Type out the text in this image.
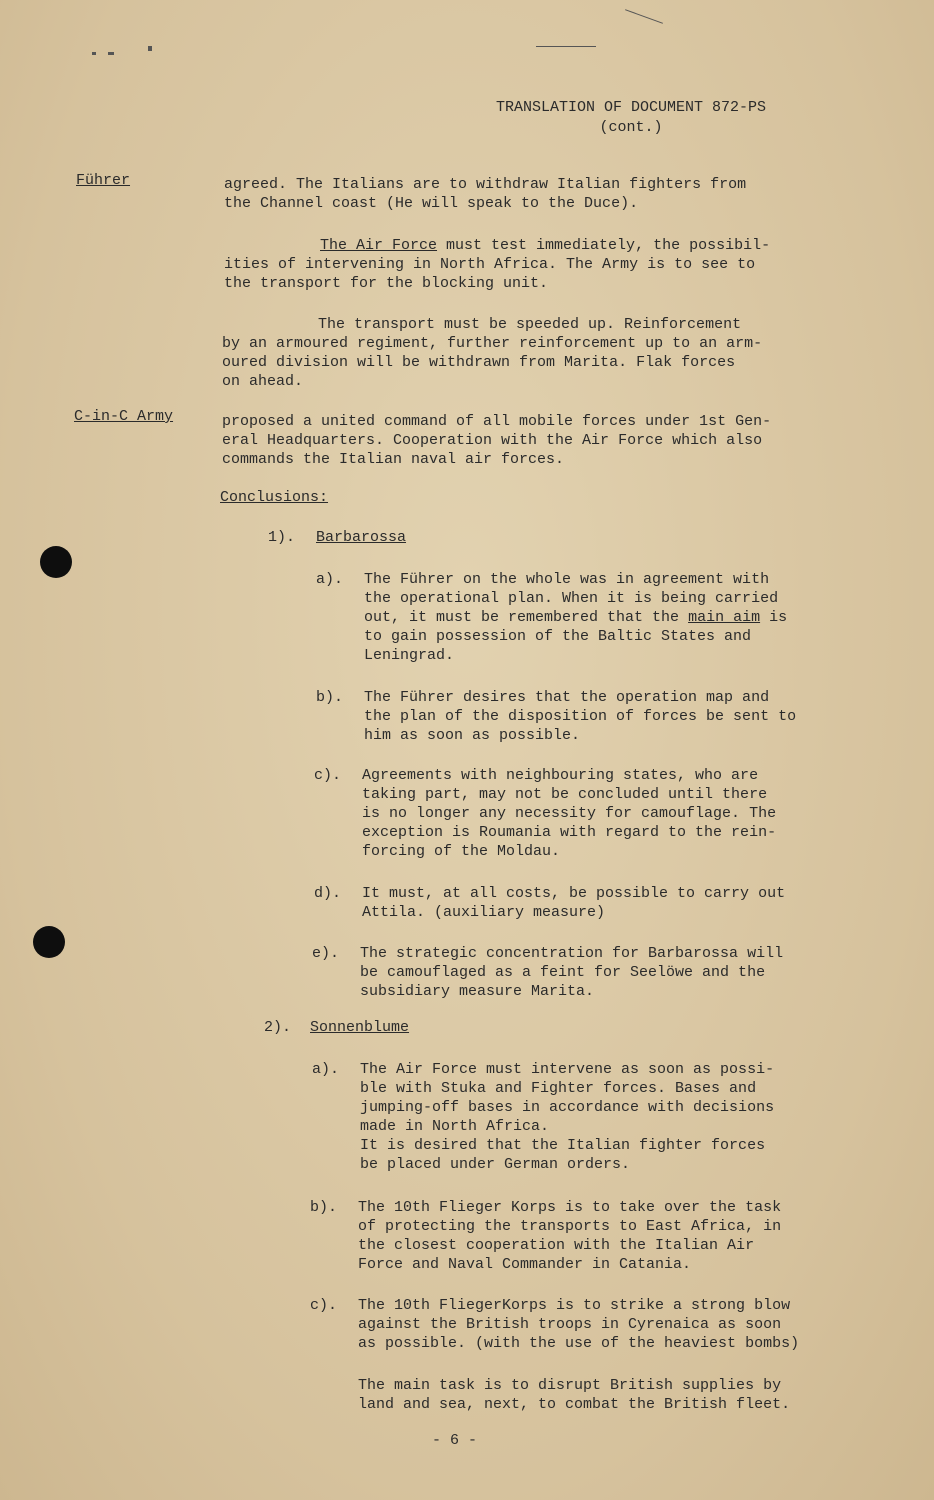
TRANSLATION OF DOCUMENT 872-PS
(cont.)
Führer	agreed. The Italians are to withdraw Italian fighters from
the Channel coast (He will speak to the Duce).
The Air Force must test immediately, the possibil-
ities of intervening in North Africa. The Army is to see to
the transport for the blocking unit.
The transport must be speeded up. Reinforcement
by an armoured regiment, further reinforcement up to an arm-
oured division will be withdrawn from Marita. Flak forces
on ahead.
C-in-C Army	proposed a united command of all mobile forces under 1st Gen-
eral Headquarters. Cooperation with the Air Force which also
commands the Italian naval air forces.
Conclusions:
1). Barbarossa
a). The Führer on the whole was in agreement with
the operational plan. When it is being carried
out, it must be remembered that the main aim is
to gain possession of the Baltic States and
Leningrad.
b). The Führer desires that the operation map and
the plan of the disposition of forces be sent to
him as soon as possible.
c). Agreements with neighbouring states, who are
taking part, may not be concluded until there
is no longer any necessity for camouflage. The
exception is Roumania with regard to the rein-
forcing of the Moldau.
d). It must, at all costs, be possible to carry out
Attila. (auxiliary measure)
e). The strategic concentration for Barbarossa will
be camouflaged as a feint for Seelöwe and the
subsidiary measure Marita.
2). Sonnenblume
a). The Air Force must intervene as soon as possi-
ble with Stuka and Fighter forces. Bases and
jumping-off bases in accordance with decisions
made in North Africa.
It is desired that the Italian fighter forces
be placed under German orders.
b). The 10th Flieger Korps is to take over the task
of protecting the transports to East Africa, in
the closest cooperation with the Italian Air
Force and Naval Commander in Catania.
c). The 10th FliegerKorps is to strike a strong blow
against the British troops in Cyrenaica as soon
as possible. (with the use of the heaviest bombs)
The main task is to disrupt British supplies by
land and sea, next, to combat the British fleet.
- 6 -
